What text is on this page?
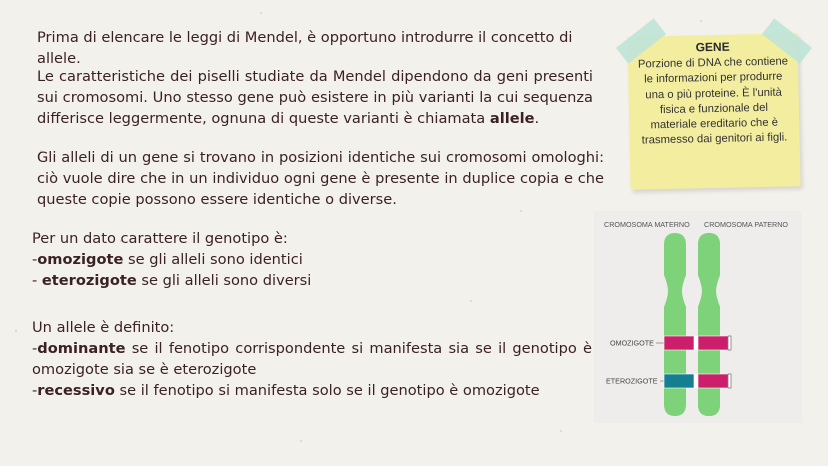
Prima di elencare le leggi di Mendel, è opportuno introdurre il concetto di allele.
Le caratteristiche dei piselli studiate da Mendel dipendono da geni presenti sui cromosomi. Uno stesso gene può esistere in più varianti la cui sequenza differisce leggermente, ognuna di queste varianti è chiamata allele.
Gli alleli di un gene si trovano in posizioni identiche sui cromosomi omologhi: ciò vuole dire che in un individuo ogni gene è presente in duplice copia e che queste copie possono essere identiche o diverse.
Per un dato carattere il genotipo è:
-omozigote se gli alleli sono identici
- eterozigote se gli alleli sono diversi
Un allele è definito:
-dominante se il fenotipo corrispondente si manifesta sia se il genotipo è omozigote sia se è eterozigote
-recessivo se il fenotipo si manifesta solo se il genotipo è omozigote
GENE
Porzione di DNA che contiene le informazioni per produrre una o più proteine. È l'unità fisica e funzionale del materiale ereditario che è trasmesso dai genitori ai figli.
CROMOSOMA MATERNO CROMOSOMA PATERNO
OMOZIGOTE
ETEROZIGOTE
